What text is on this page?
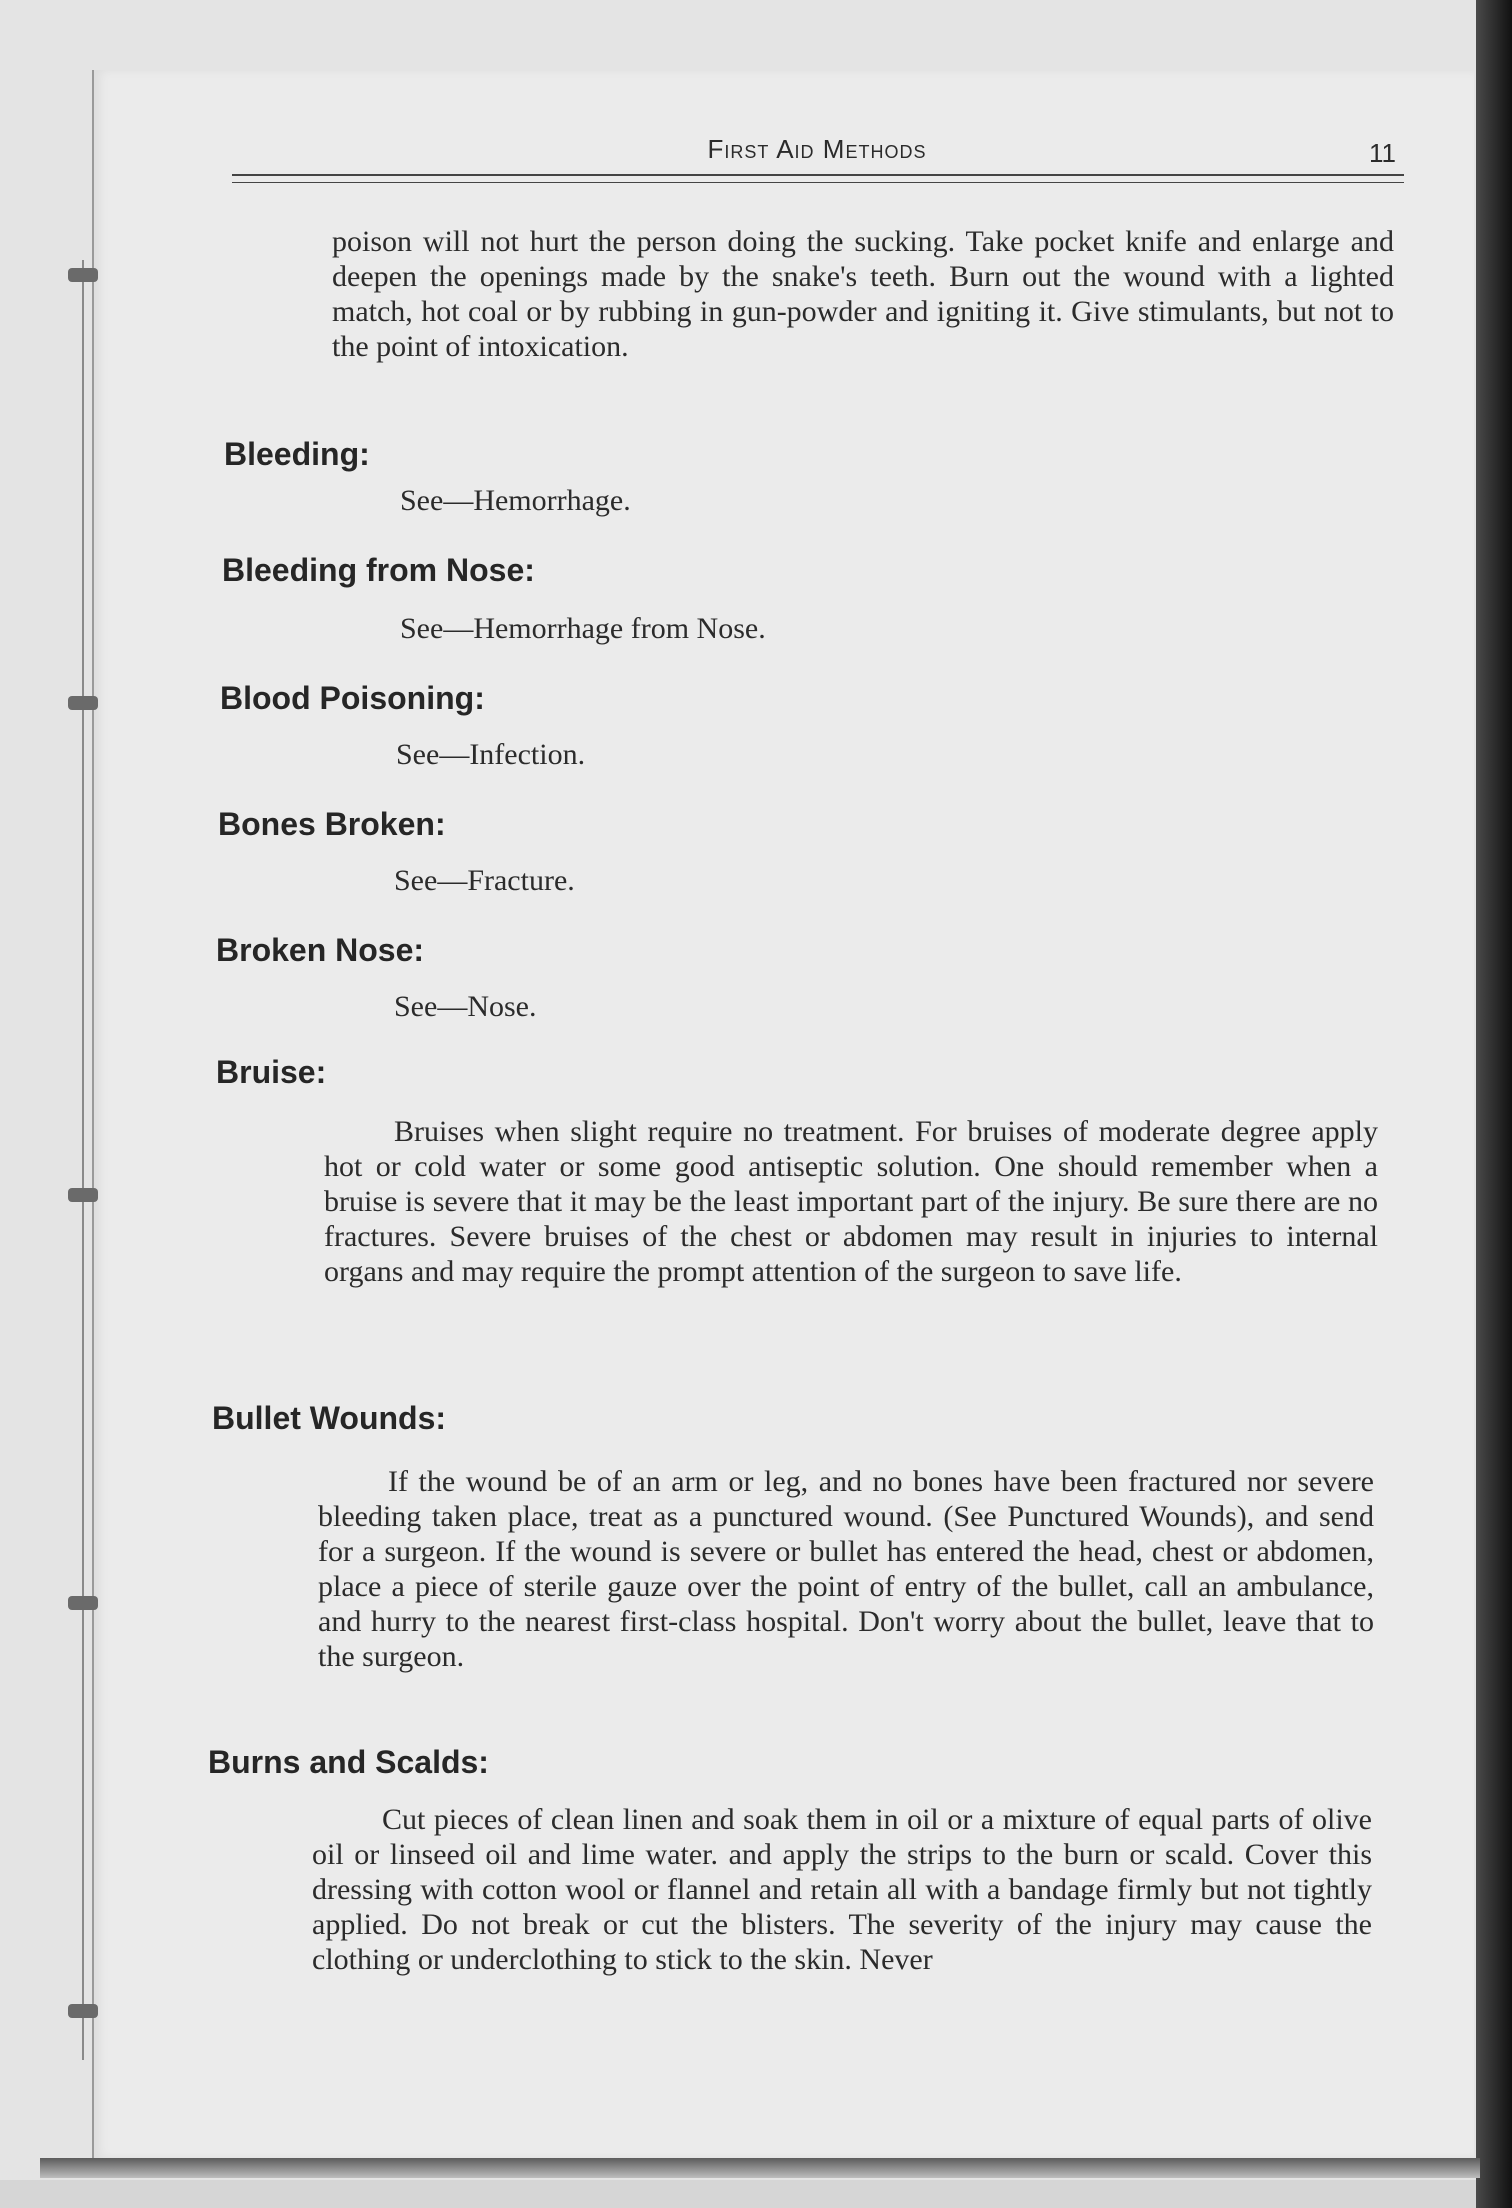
First Aid Methods	11

poison will not hurt the person doing the sucking. Take pocket knife and enlarge and deepen the openings made by the snake's teeth. Burn out the wound with a lighted match, hot coal or by rubbing in gun-powder and igniting it. Give stimulants, but not to the point of intoxication.

Bleeding:

See—Hemorrhage.

Bleeding from Nose:

See—Hemorrhage from Nose.

Blood Poisoning:

See—Infection.

Bones Broken:

See—Fracture.

Broken Nose:

See—Nose.

Bruise:

Bruises when slight require no treatment. For bruises of moderate degree apply hot or cold water or some good antiseptic solution. One should remember when a bruise is severe that it may be the least important part of the injury. Be sure there are no fractures. Severe bruises of the chest or abdomen may result in injuries to internal organs and may require the prompt attention of the surgeon to save life.

Bullet Wounds:

If the wound be of an arm or leg, and no bones have been fractured nor severe bleeding taken place, treat as a punctured wound. (See Punctured Wounds), and send for a surgeon. If the wound is severe or bullet has entered the head, chest or abdomen, place a piece of sterile gauze over the point of entry of the bullet, call an ambulance, and hurry to the nearest first-class hospital. Don't worry about the bullet, leave that to the surgeon.

Burns and Scalds:

Cut pieces of clean linen and soak them in oil or a mixture of equal parts of olive oil or linseed oil and lime water. and apply the strips to the burn or scald. Cover this dressing with cotton wool or flannel and retain all with a bandage firmly but not tightly applied. Do not break or cut the blisters. The severity of the injury may cause the clothing or underclothing to stick to the skin. Never
